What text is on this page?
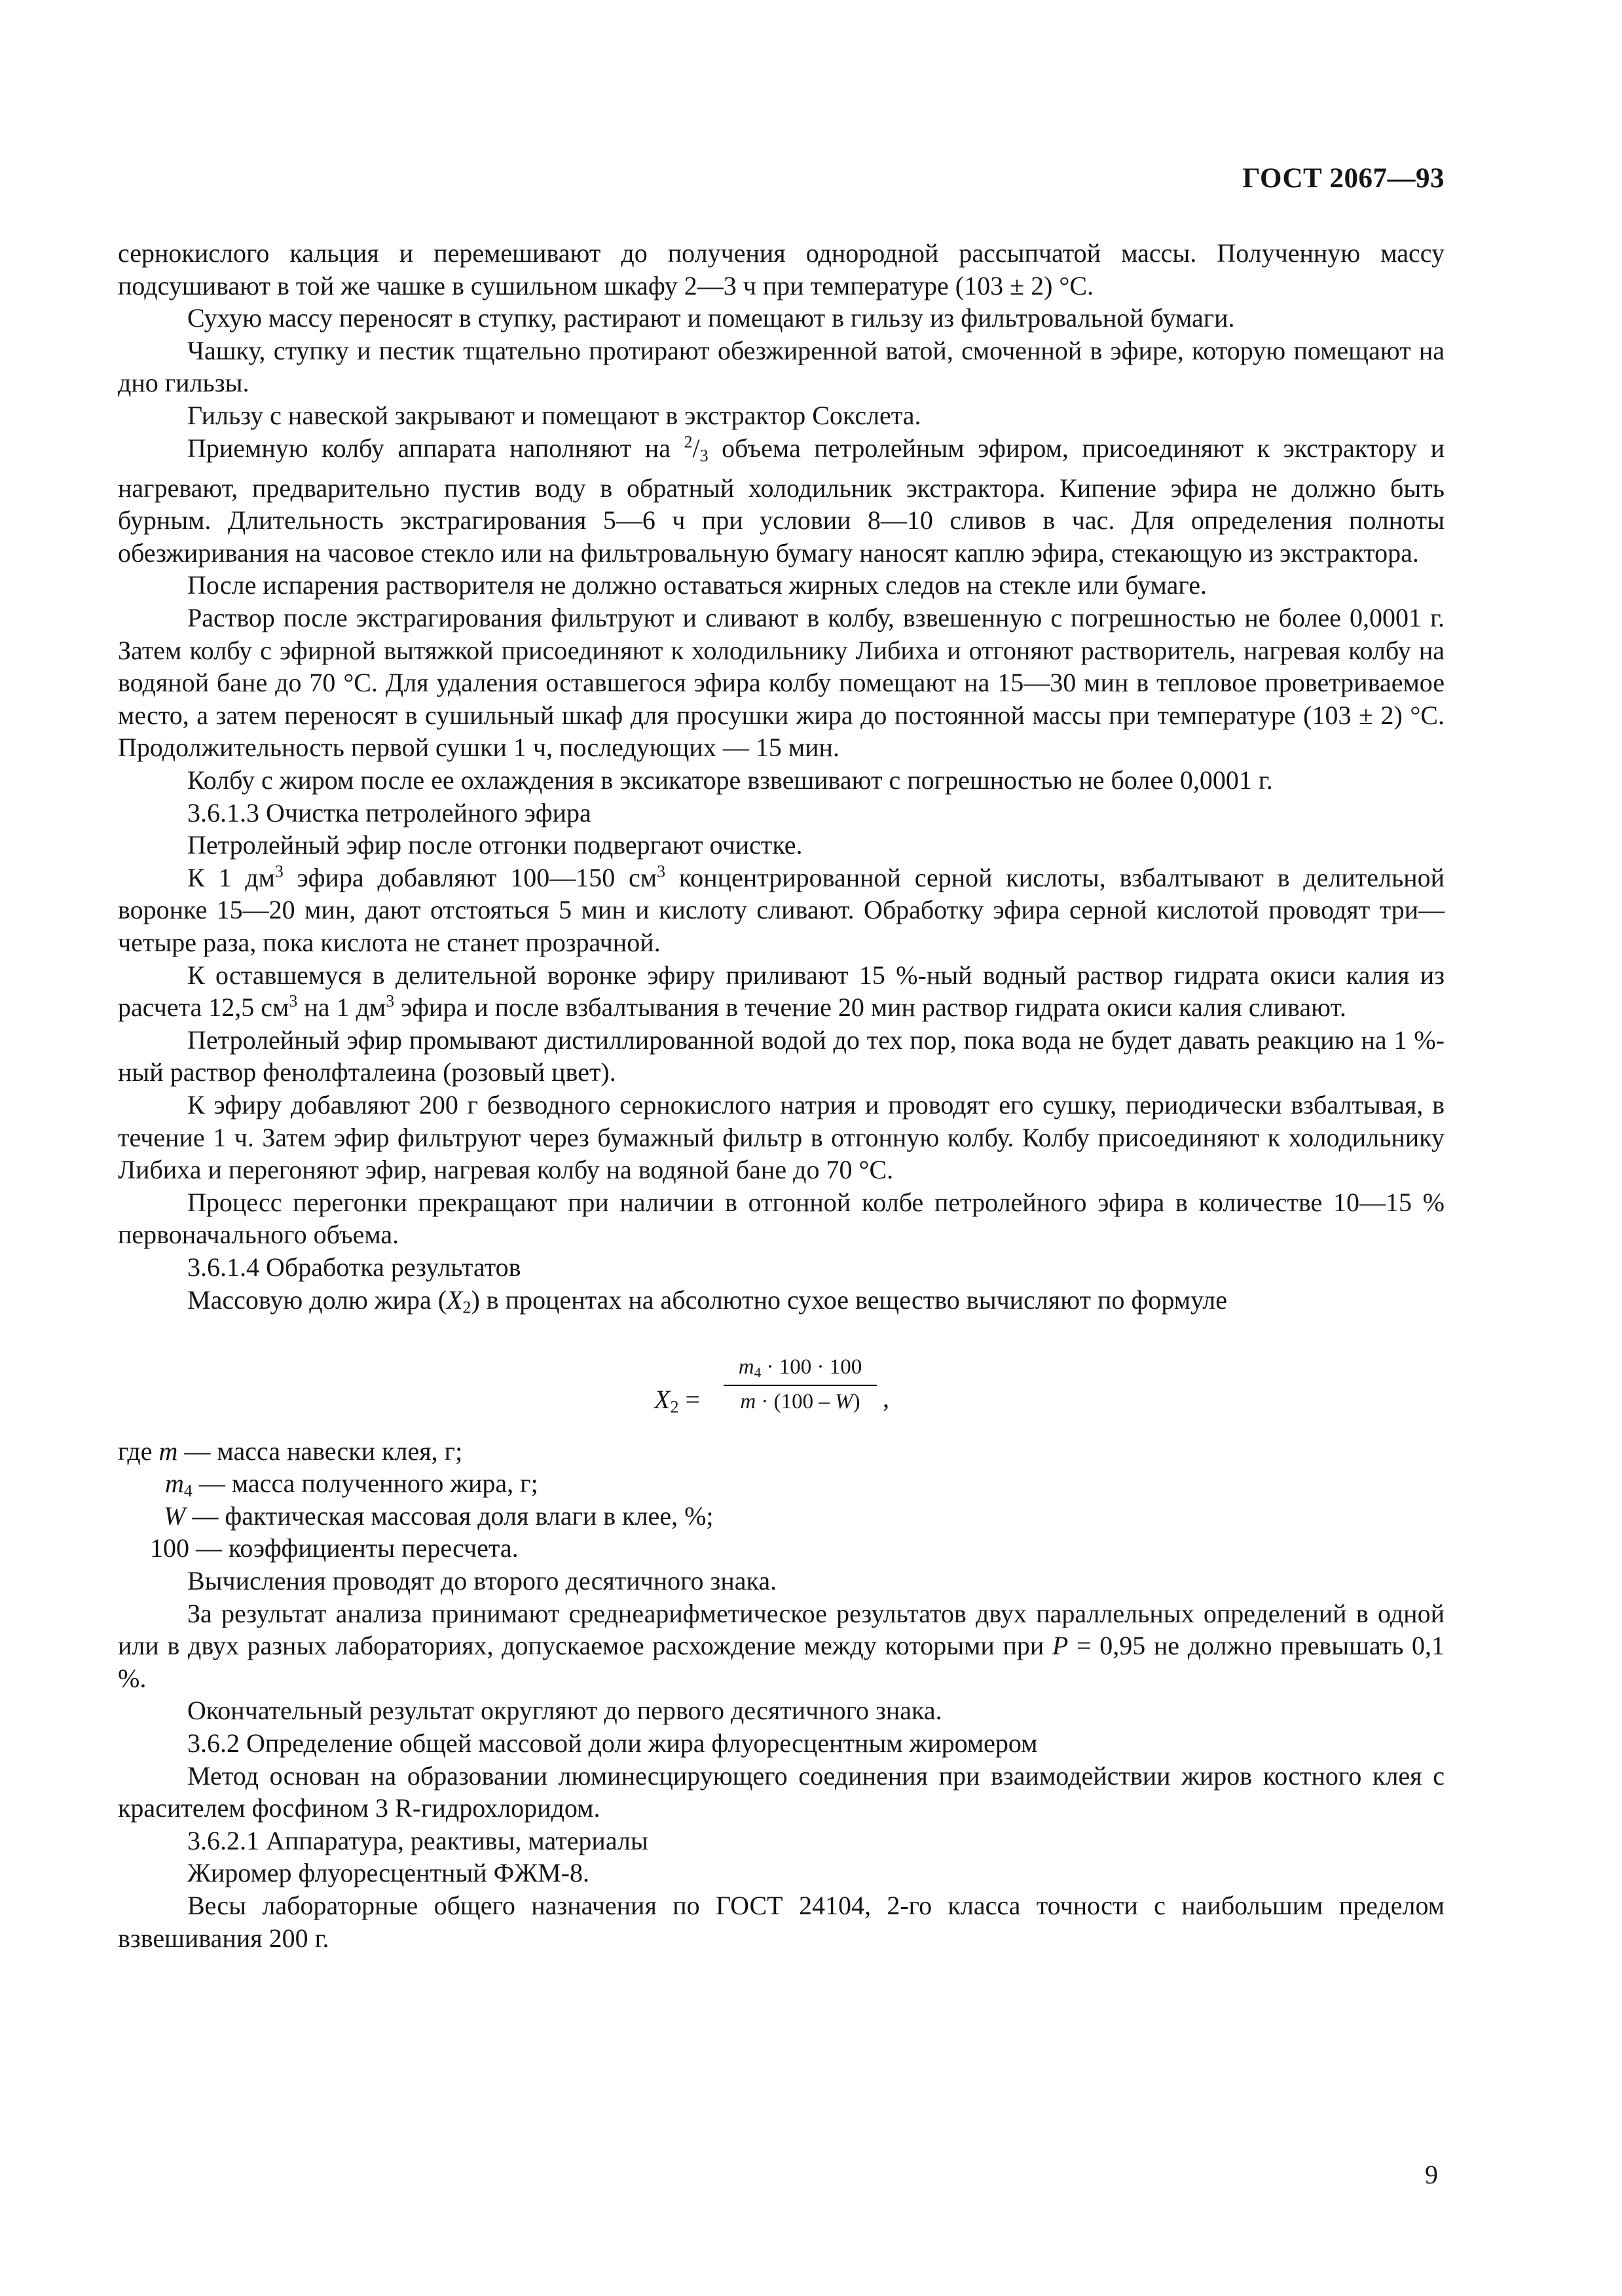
ГОСТ 2067—93

сернокислого кальция и перемешивают до получения однородной рассыпчатой массы. Полученную массу подсушивают в той же чашке в сушильном шкафу 2—3 ч при температуре (103 ± 2) °С.

Сухую массу переносят в ступку, растирают и помещают в гильзу из фильтровальной бумаги.

Чашку, ступку и пестик тщательно протирают обезжиренной ватой, смоченной в эфире, которую помещают на дно гильзы.

Гильзу с навеской закрывают и помещают в экстрактор Сокслета.

Приемную колбу аппарата наполняют на $^2/_3$ объема петролейным эфиром, присоединяют к экстрактору и нагревают, предварительно пустив воду в обратный холодильник экстрактора. Кипение эфира не должно быть бурным. Длительность экстрагирования 5—6 ч при условии 8—10 сливов в час. Для определения полноты обезжиривания на часовое стекло или на фильтровальную бумагу наносят каплю эфира, стекающую из экстрактора.

После испарения растворителя не должно оставаться жирных следов на стекле или бумаге.

Раствор после экстрагирования фильтруют и сливают в колбу, взвешенную с погрешностью не более 0,0001 г. Затем колбу с эфирной вытяжкой присоединяют к холодильнику Либиха и отгоняют растворитель, нагревая колбу на водяной бане до 70 °С. Для удаления оставшегося эфира колбу помещают на 15—30 мин в тепловое проветриваемое место, а затем переносят в сушильный шкаф для просушки жира до постоянной массы при температуре (103 ± 2) °С. Продолжительность первой сушки 1 ч, последующих — 15 мин.

Колбу с жиром после ее охлаждения в эксикаторе взвешивают с погрешностью не более 0,0001 г.

3.6.1.3 Очистка петролейного эфира

Петролейный эфир после отгонки подвергают очистке.

К 1 $дм^3$ эфира добавляют 100—150 $см^3$ концентрированной серной кислоты, взбалтывают в делительной воронке 15—20 мин, дают отстояться 5 мин и кислоту сливают. Обработку эфира серной кислотой проводят три—четыре раза, пока кислота не станет прозрачной.

К оставшемуся в делительной воронке эфиру приливают 15 %-ный водный раствор гидрата окиси калия из расчета 12,5 $см^3$ на 1 $дм^3$ эфира и после взбалтывания в течение 20 мин раствор гидрата окиси калия сливают.

Петролейный эфир промывают дистиллированной водой до тех пор, пока вода не будет давать реакцию на 1 %-ный раствор фенолфталеина (розовый цвет).

К эфиру добавляют 200 г безводного сернокислого натрия и проводят его сушку, периодически взбалтывая, в течение 1 ч. Затем эфир фильтруют через бумажный фильтр в отгонную колбу. Колбу присоединяют к холодильнику Либиха и перегоняют эфир, нагревая колбу на водяной бане до 70 °С.

Процесс перегонки прекращают при наличии в отгонной колбе петролейного эфира в количестве 10—15 % первоначального объема.

3.6.1.4 Обработка результатов

Массовую долю жира $(X_2)$ в процентах на абсолютно сухое вещество вычисляют по формуле

$X_2$ =
$m_4 \cdot 100 \cdot 100$
m · (100 – W) ,
где m — масса навески клея, г;
$m_4$ — масса полученного жира, г;
W — фактическая массовая доля влаги в клее, %;
100 — коэффициенты пересчета.

Вычисления проводят до второго десятичного знака.

За результат анализа принимают среднеарифметическое результатов двух параллельных определений в одной или в двух разных лабораториях, допускаемое расхождение между которыми при P = 0,95 не должно превышать 0,1 %.

Окончательный результат округляют до первого десятичного знака.

3.6.2 Определение общей массовой доли жира флуоресцентным жиромером

Метод основан на образовании люминесцирующего соединения при взаимодействии жиров костного клея с красителем фосфином 3 R-гидрохлоридом.

3.6.2.1 Аппаратура, реактивы, материалы

Жиромер флуоресцентный ФЖМ-8.

Весы лабораторные общего назначения по ГОСТ 24104, 2-го класса точности с наибольшим пределом взвешивания 200 г.

9
